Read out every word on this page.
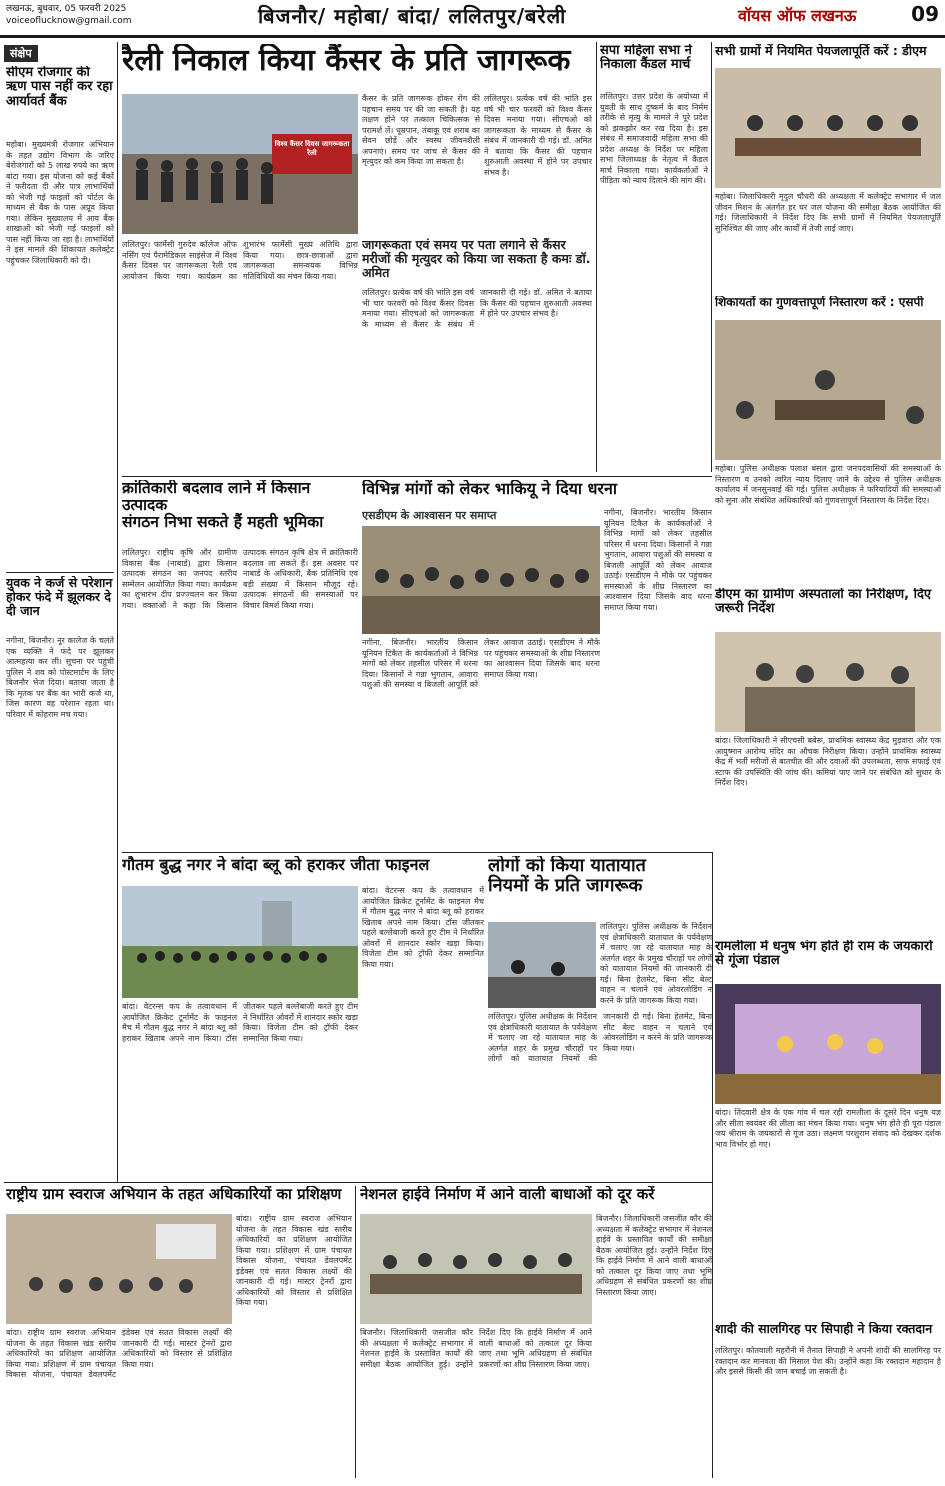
लखनऊ, बुधवार, 05 फरवरी 2025
voiceoflucknow@gmail.com	बिजनौर/ महोबा/ बांदा/ ललितपुर/बरेली	वॉयस ऑफ लखनऊ	09
संक्षेप
सीएम रोजगार की ऋण पास नहीं कर रहा आर्यावर्त बैंक
महोबा। मुख्यमंत्री रोजगार अभियान के तहत उद्योग विभाग के जरिए बेरोजगारों को 5 लाख रुपये का ऋण बांटा गया। इस योजना को कई बैंकों ने फरीदता दी और पात्र लाभार्थियों को भेजी गई फाइलों को पोर्टल के माध्यम से बैंक के पास अप्रूव किया गया। लेकिन मुख्यालय में आय बैंक शाखाओं को भेजी गई फाइलों को पास नहीं किया जा रहा है। लाभार्थियों ने इस मामले की शिकायत कलेक्ट्रेट पहुंचकर जिलाधिकारी को दी।
युवक ने कर्ज से परेशान होकर फंदे में झूलकर दे दी जान
नगीना, बिजनौर। नूर कालेज के चलते एक व्यक्ति ने फंदे पर झूलकर आत्महत्या कर ली। सूचना पर पहुंची पुलिस ने शव को पोस्टमार्टम के लिए बिजनौर भेज दिया। बताया जाता है कि मृतक पर बैंक का भारी कर्ज था, जिस कारण वह परेशान रहता था। परिवार में कोहराम मच गया।
रैली निकाल किया कैंसर के प्रति जागरूक
विश्व कैंसर दिवस जागरूकता रैली
कैंसर के प्रति जागरूक होकर रोग की पहचान समय पर की जा सकती है। यह लक्षण होने पर तत्काल चिकित्सक से परामर्श लें। धूम्रपान, तंबाकू एवं शराब का सेवन छोड़ें और स्वस्थ जीवनशैली अपनाएं। समय पर जांच से कैंसर की मृत्युदर को कम किया जा सकता है।
ललितपुर। प्रत्येक वर्ष की भांति इस वर्ष भी चार फरवरी को विश्व कैंसर दिवस मनाया गया। सीएचओ को जागरूकता के माध्यम से कैंसर के संबंध में जानकारी दी गई। डॉ. अमित ने बताया कि कैंसर की पहचान शुरुआती अवस्था में होने पर उपचार संभव है।
जागरूकता एवं समय पर पता लगाने से कैंसर मरीजों की मृत्युदर को किया जा सकता है कमः डॉ. अमित
ललितपुर। फार्मेसी गुरुदेव कॉलेज ऑफ नर्सिंग एवं पैरामेडिकल साइंसेज में विश्व कैंसर दिवस पर जागरूकता रैली एवं आयोजन किया गया। कार्यक्रम का शुभारंभ फार्मेसी मुख्य अतिथि द्वारा किया गया। छात्र-छात्राओं द्वारा जागरूकता समन्वयक विभिन्न गतिविधियों का मंचन किया गया।
ललितपुर। प्रत्येक वर्ष की भांति इस वर्ष भी चार फरवरी को विश्व कैंसर दिवस मनाया गया। सीएचओ को जागरूकता के माध्यम से कैंसर के संबंध में जानकारी दी गई। डॉ. अमित ने बताया कि कैंसर की पहचान शुरुआती अवस्था में होने पर उपचार संभव है।
सपा महिला सभा ने निकाला कैंडल मार्च
ललितपुर। उत्तर प्रदेश के अयोध्या में युवती के साथ दुष्कर्म के बाद निर्मम तरीके से मृत्यु के मामले ने पूरे प्रदेश को झकझोर कर रख दिया है। इस संबंध में समाजवादी महिला सभा की प्रदेश अध्यक्ष के निर्देश पर महिला सभा जिलाध्यक्ष के नेतृत्व में कैंडल मार्च निकाला गया। कार्यकर्ताओं ने पीड़िता को न्याय दिलाने की मांग की।
सभी ग्रामों में नियमित पेयजलापूर्ति करें : डीएम
महोबा। जिलाधिकारी मृदुल चौधरी की अध्यक्षता में कलेक्ट्रेट सभागार में जल जीवन मिशन के अंतर्गत हर घर जल योजना की समीक्षा बैठक आयोजित की गई। जिलाधिकारी ने निर्देश दिए कि सभी ग्रामों में नियमित पेयजलापूर्ति सुनिश्चित की जाए और कार्यों में तेजी लाई जाए।
शिकायतों का गुणवत्तापूर्ण निस्तारण करें : एसपी
महोबा। पुलिस अधीक्षक पलाश बंसल द्वारा जनपदवासियों की समस्याओं के निस्तारण व उनको त्वरित न्याय दिलाए जाने के उद्देश्य से पुलिस अधीक्षक कार्यालय में जनसुनवाई की गई। पुलिस अधीक्षक ने फरियादियों की समस्याओं को सुना और संबंधित अधिकारियों को गुणवत्तापूर्ण निस्तारण के निर्देश दिए।
क्रांतिकारी बदलाव लाने में किसान उत्पादक
संगठन निभा सकते हैं महती भूमिका
ललितपुर। राष्ट्रीय कृषि और ग्रामीण विकास बैंक (नाबार्ड) द्वारा किसान उत्पादक संगठन का जनपद स्तरीय सम्मेलन आयोजित किया गया। कार्यक्रम का शुभारंभ दीप प्रज्ज्वलन कर किया गया। वक्ताओं ने कहा कि किसान उत्पादक संगठन कृषि क्षेत्र में क्रांतिकारी बदलाव ला सकते हैं। इस अवसर पर नाबार्ड के अधिकारी, बैंक प्रतिनिधि एवं बड़ी संख्या में किसान मौजूद रहे। उत्पादक संगठनों की समस्याओं पर विचार विमर्श किया गया।
विभिन्न मांगों को लेकर भाकियू ने दिया धरना
एसडीएम के आश्वासन पर समाप्त
नगीना, बिजनौर। भारतीय किसान यूनियन टिकैत के कार्यकर्ताओं ने विभिन्न मांगों को लेकर तहसील परिसर में धरना दिया। किसानों ने गन्ना भुगतान, आवारा पशुओं की समस्या व बिजली आपूर्ति को लेकर आवाज उठाई। एसडीएम ने मौके पर पहुंचकर समस्याओं के शीघ्र निस्तारण का आश्वासन दिया जिसके बाद धरना समाप्त किया गया।
नगीना, बिजनौर। भारतीय किसान यूनियन टिकैत के कार्यकर्ताओं ने विभिन्न मांगों को लेकर तहसील परिसर में धरना दिया। किसानों ने गन्ना भुगतान, आवारा पशुओं की समस्या व बिजली आपूर्ति को लेकर आवाज उठाई। एसडीएम ने मौके पर पहुंचकर समस्याओं के शीघ्र निस्तारण का आश्वासन दिया जिसके बाद धरना समाप्त किया गया।
डीएम का ग्रामीण अस्पतालों का निरीक्षण, दिए जरूरी निर्देश
बांदा। जिलाधिकारी ने सीएचसी बबेरू, प्राथमिक स्वास्थ्य केंद्र मुड़वारा और एक आयुष्मान आरोग्य मंदिर का औचक निरीक्षण किया। उन्होंने प्राथमिक स्वास्थ्य केंद्र में भर्ती मरीजों से बातचीत की और दवाओं की उपलब्धता, साफ सफाई एवं स्टाफ की उपस्थिति की जांच की। कमियां पाए जाने पर संबंधित को सुधार के निर्देश दिए।
गौतम बुद्ध नगर ने बांदा ब्लू को हराकर जीता फाइनल
बांदा। वेटरन्स कप के तत्वावधान में आयोजित क्रिकेट टूर्नामेंट के फाइनल मैच में गौतम बुद्ध नगर ने बांदा ब्लू को हराकर खिताब अपने नाम किया। टॉस जीतकर पहले बल्लेबाजी करते हुए टीम ने निर्धारित ओवरों में शानदार स्कोर खड़ा किया। विजेता टीम को ट्रॉफी देकर सम्मानित किया गया।
बांदा। वेटरन्स कप के तत्वावधान में आयोजित क्रिकेट टूर्नामेंट के फाइनल मैच में गौतम बुद्ध नगर ने बांदा ब्लू को हराकर खिताब अपने नाम किया। टॉस जीतकर पहले बल्लेबाजी करते हुए टीम ने निर्धारित ओवरों में शानदार स्कोर खड़ा किया। विजेता टीम को ट्रॉफी देकर सम्मानित किया गया।
लोगों को किया यातायात
नियमों के प्रति जागरूक
ललितपुर। पुलिस अधीक्षक के निर्देशन एवं क्षेत्राधिकारी यातायात के पर्यवेक्षण में चलाए जा रहे यातायात माह के अंतर्गत शहर के प्रमुख चौराहों पर लोगों को यातायात नियमों की जानकारी दी गई। बिना हेलमेट, बिना सीट बेल्ट वाहन न चलाने एवं ओवरलोडिंग न करने के प्रति जागरूक किया गया।
ललितपुर। पुलिस अधीक्षक के निर्देशन एवं क्षेत्राधिकारी यातायात के पर्यवेक्षण में चलाए जा रहे यातायात माह के अंतर्गत शहर के प्रमुख चौराहों पर लोगों को यातायात नियमों की जानकारी दी गई। बिना हेलमेट, बिना सीट बेल्ट वाहन न चलाने एवं ओवरलोडिंग न करने के प्रति जागरूक किया गया।
रामलीला में धनुष भंग होते ही राम के जयकारों से गूंजा पंडाल
बांदा। तिंदवारी क्षेत्र के एक गांव में चल रही रामलीला के दूसरे दिन धनुष यज्ञ और सीता स्वयंवर की लीला का मंचन किया गया। धनुष भंग होते ही पूरा पंडाल जय श्रीराम के जयकारों से गूंज उठा। लक्ष्मण परशुराम संवाद को देखकर दर्शक भाव विभोर हो गए।
राष्ट्रीय ग्राम स्वराज अभियान के तहत अधिकारियों का प्रशिक्षण
बांदा। राष्ट्रीय ग्राम स्वराज अभियान योजना के तहत विकास खंड स्तरीय अधिकारियों का प्रशिक्षण आयोजित किया गया। प्रशिक्षण में ग्राम पंचायत विकास योजना, पंचायत डेवलपमेंट इंडेक्स एवं सतत विकास लक्ष्यों की जानकारी दी गई। मास्टर ट्रेनरों द्वारा अधिकारियों को विस्तार से प्रशिक्षित किया गया।
बांदा। राष्ट्रीय ग्राम स्वराज अभियान योजना के तहत विकास खंड स्तरीय अधिकारियों का प्रशिक्षण आयोजित किया गया। प्रशिक्षण में ग्राम पंचायत विकास योजना, पंचायत डेवलपमेंट इंडेक्स एवं सतत विकास लक्ष्यों की जानकारी दी गई। मास्टर ट्रेनरों द्वारा अधिकारियों को विस्तार से प्रशिक्षित किया गया।
नेशनल हाईवे निर्माण में आने वाली बाधाओं को दूर करें
बिजनौर। जिलाधिकारी जसजीत कौर की अध्यक्षता में कलेक्ट्रेट सभागार में नेशनल हाईवे के प्रस्तावित कार्यों की समीक्षा बैठक आयोजित हुई। उन्होंने निर्देश दिए कि हाईवे निर्माण में आने वाली बाधाओं को तत्काल दूर किया जाए तथा भूमि अधिग्रहण से संबंधित प्रकरणों का शीघ्र निस्तारण किया जाए।
बिजनौर। जिलाधिकारी जसजीत कौर की अध्यक्षता में कलेक्ट्रेट सभागार में नेशनल हाईवे के प्रस्तावित कार्यों की समीक्षा बैठक आयोजित हुई। उन्होंने निर्देश दिए कि हाईवे निर्माण में आने वाली बाधाओं को तत्काल दूर किया जाए तथा भूमि अधिग्रहण से संबंधित प्रकरणों का शीघ्र निस्तारण किया जाए।
शादी की सालगिरह पर सिपाही ने किया रक्तदान
ललितपुर। कोतवाली महरौनी में तैनात सिपाही ने अपनी शादी की सालगिरह पर रक्तदान कर मानवता की मिसाल पेश की। उन्होंने कहा कि रक्तदान महादान है और इससे किसी की जान बचाई जा सकती है।
